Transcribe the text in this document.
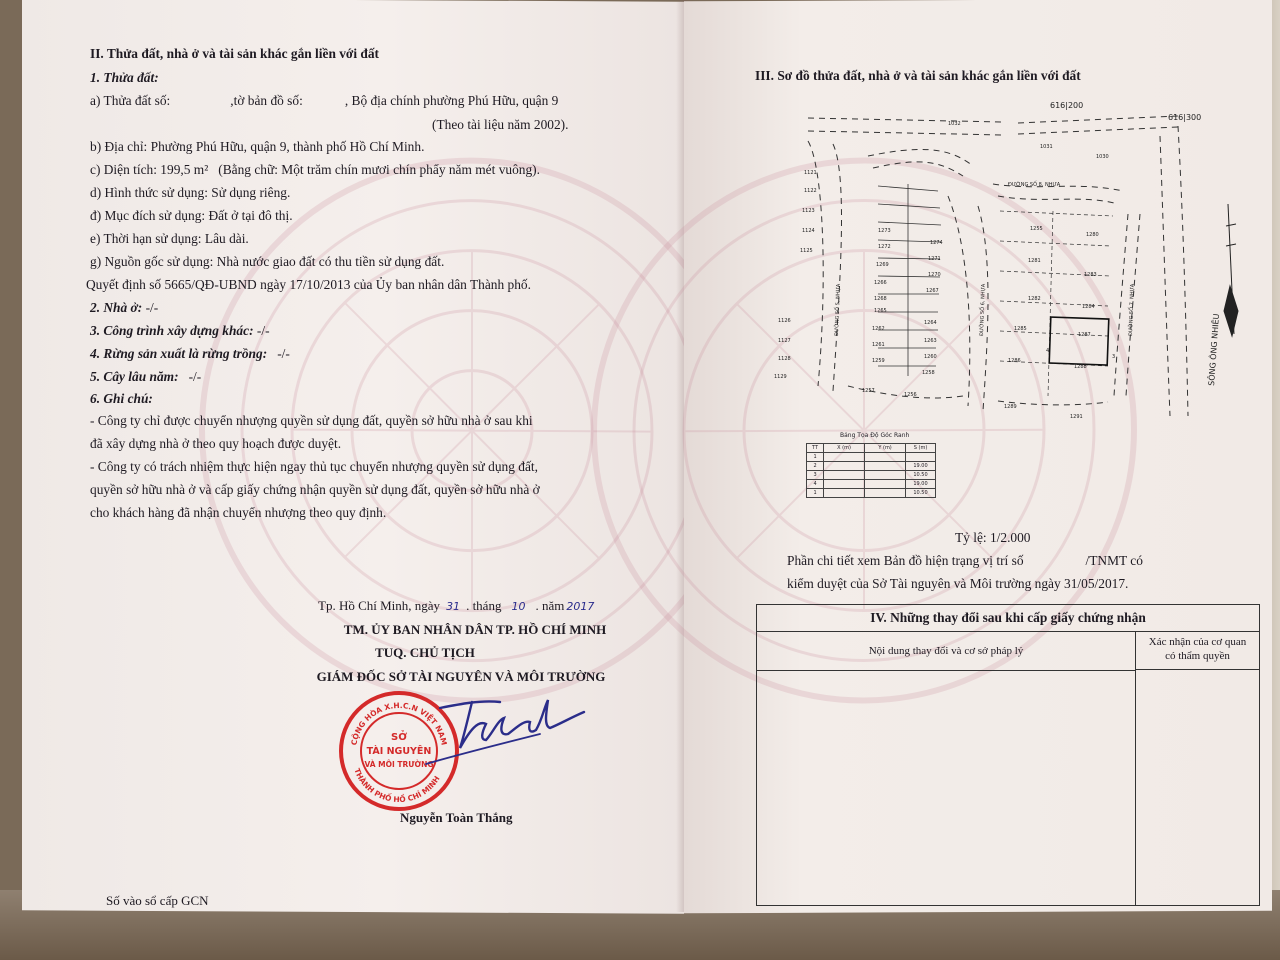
II. Thửa đất, nhà ở và tài sản khác gắn liền với đất
1. Thửa đất:
a) Thửa đất số:	,tờ bản đồ số:	, Bộ địa chính phường Phú Hữu, quận 9
(Theo tài liệu năm 2002).
b) Địa chỉ: Phường Phú Hữu, quận 9, thành phố Hồ Chí Minh.
c) Diện tích: 199,5 m² (Bằng chữ: Một trăm chín mươi chín phẩy năm mét vuông).
d) Hình thức sử dụng: Sử dụng riêng.
đ) Mục đích sử dụng: Đất ở tại đô thị.
e) Thời hạn sử dụng: Lâu dài.
g) Nguồn gốc sử dụng: Nhà nước giao đất có thu tiền sử dụng đất.
Quyết định số 5665/QĐ-UBND ngày 17/10/2013 của Ủy ban nhân dân Thành phố.
2. Nhà ở: -/-
3. Công trình xây dựng khác: -/-
4. Rừng sản xuất là rừng trồng: -/-
5. Cây lâu năm: -/-
6. Ghi chú:
- Công ty chỉ được chuyển nhượng quyền sử dụng đất, quyền sở hữu nhà ở sau khi
đã xây dựng nhà ở theo quy hoạch được duyệt.
- Công ty có trách nhiệm thực hiện ngay thủ tục chuyển nhượng quyền sử dụng đất,
quyền sở hữu nhà ở và cấp giấy chứng nhận quyền sử dụng đất, quyền sở hữu nhà ở
cho khách hàng đã nhận chuyển nhượng theo quy định.
Tp. Hồ Chí Minh, ngày 31 . tháng 10 . năm 2017
TM. ỦY BAN NHÂN DÂN TP. HỒ CHÍ MINH
TUQ. CHỦ TỊCH
GIÁM ĐỐC SỞ TÀI NGUYÊN VÀ MÔI TRƯỜNG
CỘNG HÒA X.H.C.N VIỆT NAM
THÀNH PHỐ HỒ CHÍ MINH
SỞ
TÀI NGUYÊN
VÀ MÔI TRƯỜNG
Nguyễn Toàn Thắng
Số vào sổ cấp GCN
III. Sơ đồ thửa đất, nhà ở và tài sản khác gắn liền với đất
616|200
616|300
1032
1031
1030
1121
1122
1123
1124
1125
1126
1127
1128
1129
1272
1273
1274
1269
1270
1271
1266
1267
1268
1265
1264
1263
1262
1261
1260
1259
1258
1257
1256
1255
1280
1281
1283
1282
1284
1285
1287
1286
1288
1289
1291
3
4
ĐƯỜNG SỐ 8, NHỰA
ĐƯỜNG SỐ 5, NHỰA	ĐƯỜNG SỐ 6, NHỰA	ĐƯỜNG SỐ 7, NHỰA
SÔNG ÔNG NHIÊU
Bảng Tọa Độ Góc Ranh
TT	X (m)	Y (m)	S (m)
1			
2			19.00
3			10.50
4			19.00
1			10.50
Tỷ lệ: 1/2.000
Phần chi tiết xem Bản đồ hiện trạng vị trí số	/TNMT có
kiểm duyệt của Sở Tài nguyên và Môi trường ngày 31/05/2017.
IV. Những thay đổi sau khi cấp giấy chứng nhận
Nội dung thay đổi và cơ sở pháp lý
Xác nhận của cơ quan
có thẩm quyền
